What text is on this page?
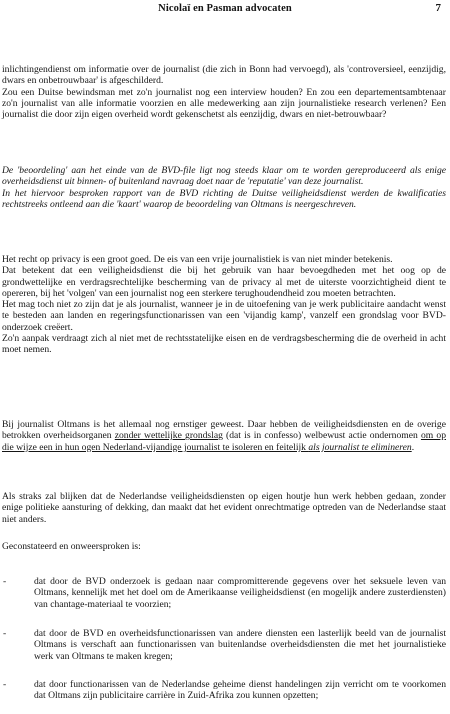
Nicolaï en Pasman advocaten	7

inlichtingendienst om informatie over de journalist (die zich in Bonn had vervoegd), als 'controversieel, eenzijdig, dwars en onbetrouwbaar' is afgeschilderd.

Zou een Duitse bewindsman met zo'n journalist nog een interview houden? En zou een departementsambtenaar zo'n journalist van alle informatie voorzien en alle medewerking aan zijn journalistieke research verlenen? Een journalist die door zijn eigen overheid wordt gekenschetst als eenzijdig, dwars en niet-betrouwbaar?

De 'beoordeling' aan het einde van de BVD-file ligt nog steeds klaar om te worden gereproduceerd als enige overheidsdienst uit binnen- of buitenland navraag doet naar de 'reputatie' van deze journalist.

In het hiervoor besproken rapport van de BVD richting de Duitse veiligheidsdienst werden de kwalificaties rechtstreeks ontleend aan die 'kaart' waarop de beoordeling van Oltmans is neergeschreven.

Het recht op privacy is een groot goed. De eis van een vrije journalistiek is van niet minder betekenis.

Dat betekent dat een veiligheidsdienst die bij het gebruik van haar bevoegdheden met het oog op de grondwettelijke en verdragsrechtelijke bescherming van de privacy al met de uiterste voorzichtigheid dient te opereren, bij het 'volgen' van een journalist nog een sterkere terughoudendheid zou moeten betrachten.

Het mag toch niet zo zijn dat je als journalist, wanneer je in de uitoefening van je werk publicitaire aandacht wenst te besteden aan landen en regeringsfunctionarissen van een 'vijandig kamp', vanzelf een grondslag voor BVD-onderzoek creëert.

Zo'n aanpak verdraagt zich al niet met de rechtsstatelijke eisen en de verdragsbescherming die de overheid in acht moet nemen.

Bij journalist Oltmans is het allemaal nog ernstiger geweest. Daar hebben de veiligheidsdiensten en de overige betrokken overheidsorganen zonder wettelijke grondslag (dat is in confesso) welbewust actie ondernomen om op die wijze een in hun ogen Nederland-vijandige journalist te isoleren en feitelijk als journalist te elimineren.

Als straks zal blijken dat de Nederlandse veiligheidsdiensten op eigen houtje hun werk hebben gedaan, zonder enige politieke aansturing of dekking, dan maakt dat het evident onrechtmatige optreden van de Nederlandse staat niet anders.

Geconstateerd en onweersproken is:

-	dat door de BVD onderzoek is gedaan naar compromitterende gegevens over het seksuele leven van Oltmans, kennelijk met het doel om de Amerikaanse veiligheidsdienst (en mogelijk andere zusterdiensten) van chantage-materiaal te voorzien;
-	dat door de BVD en overheidsfunctionarissen van andere diensten een lasterlijk beeld van de journalist Oltmans is verschaft aan functionarissen van buitenlandse overheidsdiensten die met het journalistieke werk van Oltmans te maken kregen;
-	dat door functionarissen van de Nederlandse geheime dienst handelingen zijn verricht om te voorkomen dat Oltmans zijn publicitaire carrière in Zuid-Afrika zou kunnen opzetten;
